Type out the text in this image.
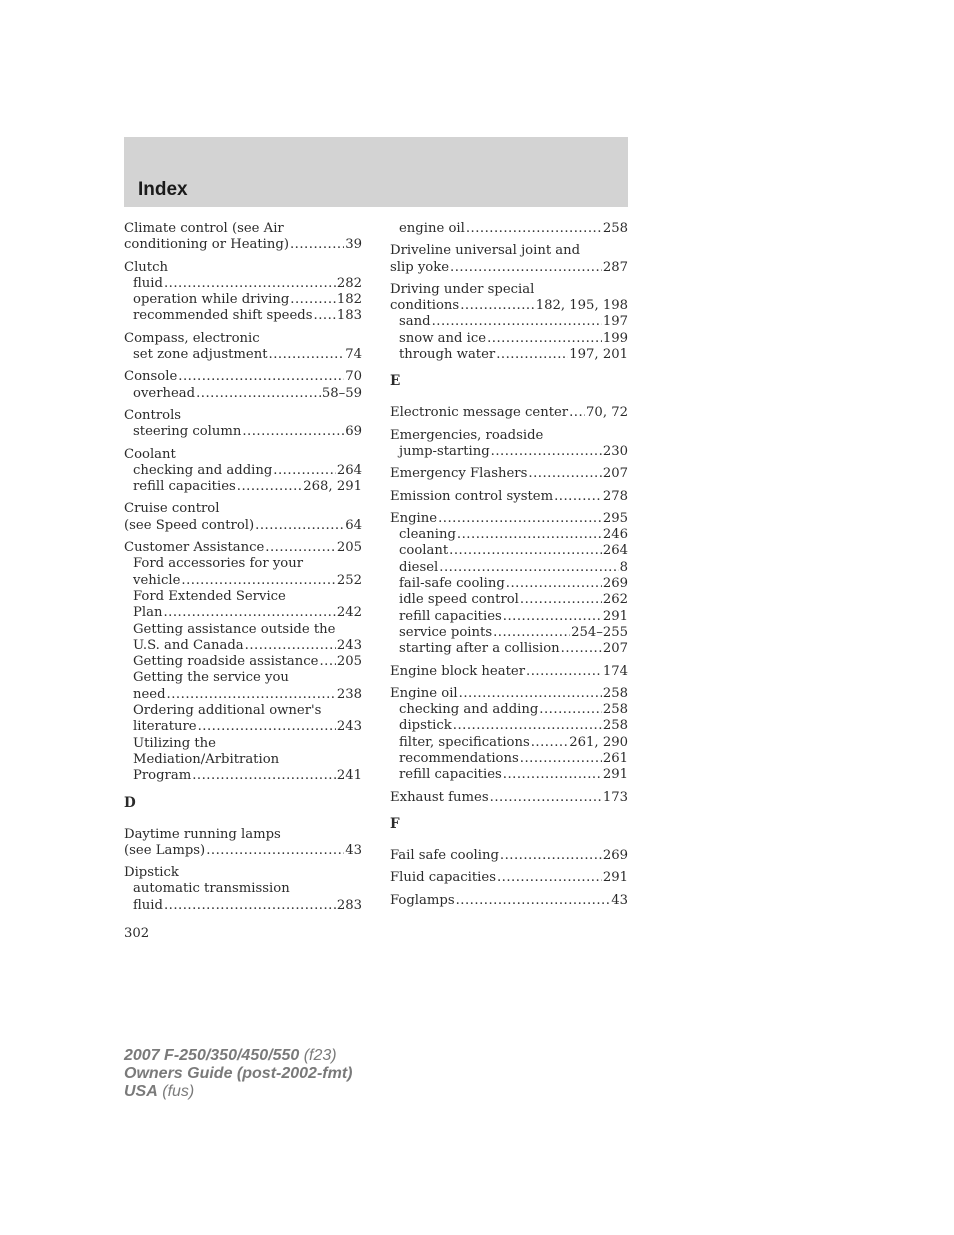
Index
Climate control (see Air
conditioning or Heating) .....	39
Clutch
fluid .....	282
operation while driving .....	182
recommended shift speeds ..... 183
Compass, electronic
set zone adjustment .....	74
Console .....	70
overhead .....	58–59
Controls
steering column .....	69
Coolant
checking and adding .....	264
refill capacities .....	268, 291
Cruise control
(see Speed control) .....	64
Customer Assistance .....	205
Ford accessories for your
vehicle .....	252
Ford Extended Service
Plan .....	242
Getting assistance outside the
U.S. and Canada .....	243
Getting roadside assistance ..... 205
Getting the service you
need .....	238
Ordering additional owner's
literature .....	243
Utilizing the
Mediation/Arbitration
Program .....	241
D
Daytime running lamps
(see Lamps) .....	43
Dipstick
automatic transmission
fluid .....	283
engine oil .....	258
Driveline universal joint and
slip yoke .....	287
Driving under special
conditions .....	182, 195, 198
sand .....	197
snow and ice .....	199
through water .....	197, 201
E
Electronic message center ..... 70, 72
Emergencies, roadside
jump-starting .....	230
Emergency Flashers .....	207
Emission control system .....	278
Engine .....	295
cleaning .....	246
coolant .....	264
diesel .....	8
fail-safe cooling .....	269
idle speed control .....	262
refill capacities .....	291
service points .....	254–255
starting after a collision .....	207
Engine block heater .....	174
Engine oil .....	258
checking and adding .....	258
dipstick .....	258
filter, specifications .....	261, 290
recommendations .....	261
refill capacities .....	291
Exhaust fumes .....	173
F
Fail safe cooling .....	269
Fluid capacities .....	291
Foglamps .....	43
302
2007 F-250/350/450/550 (f23)
Owners Guide (post-2002-fmt)
USA (fus)
